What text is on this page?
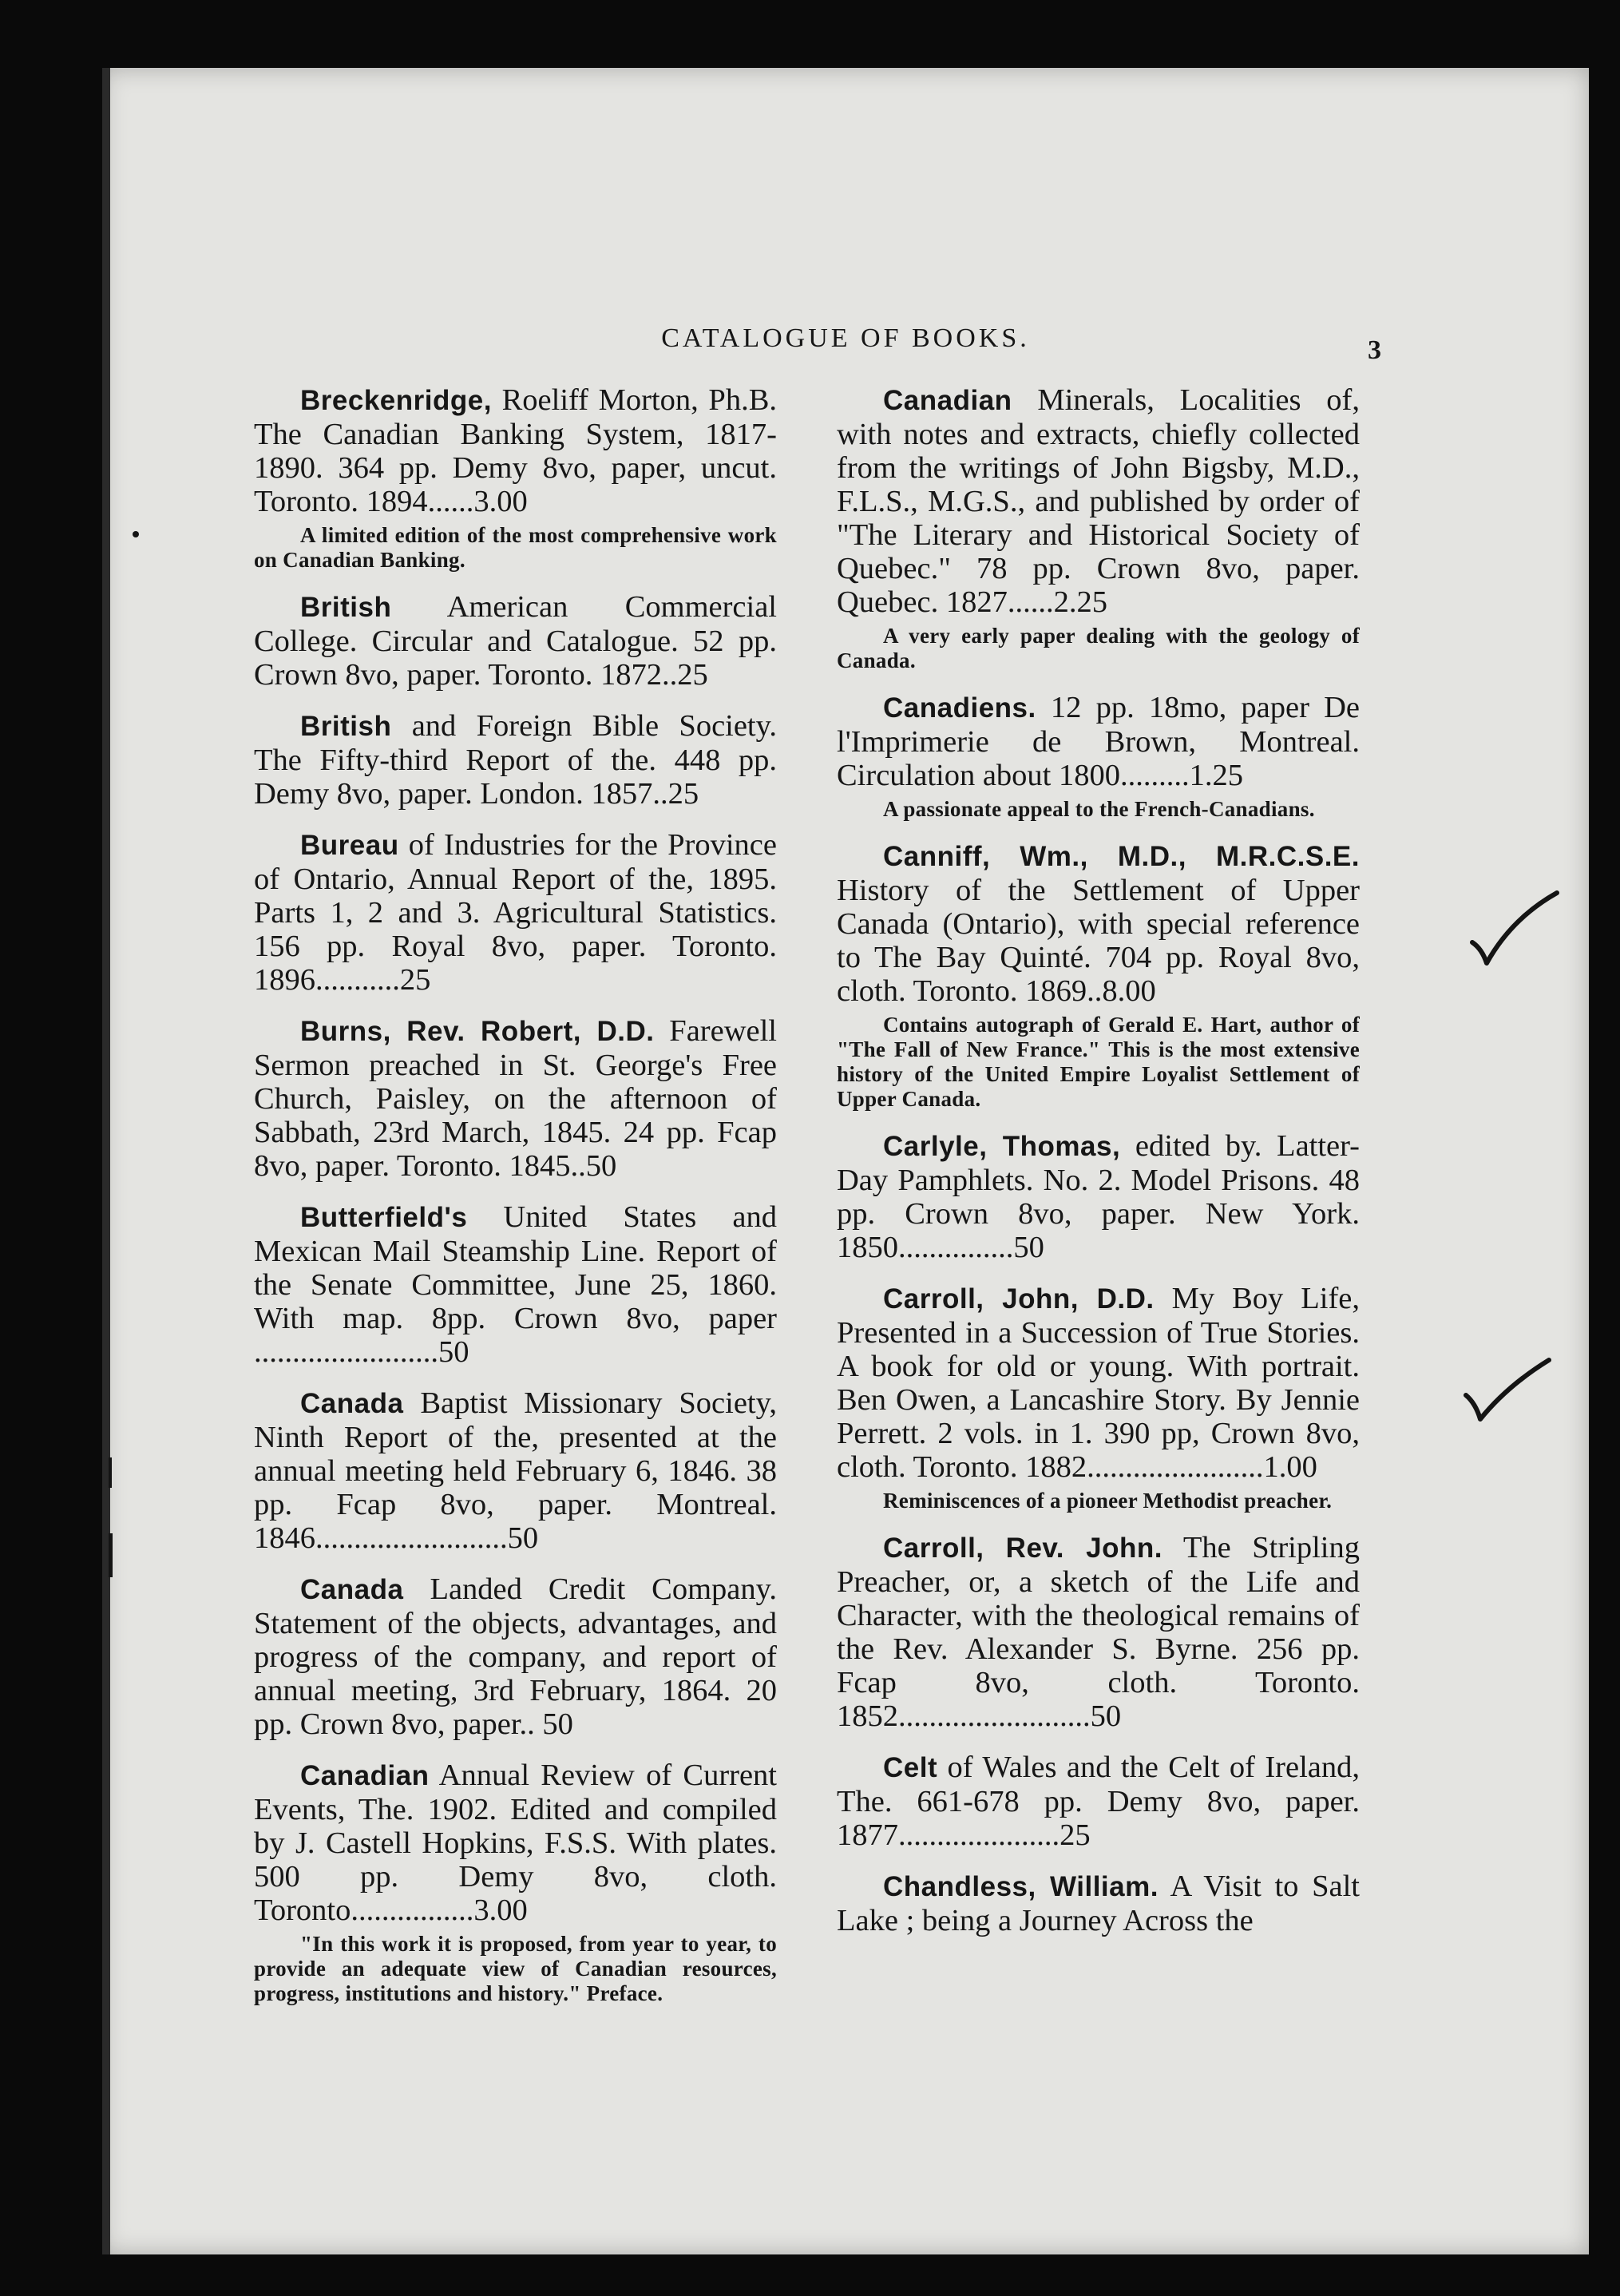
CATALOGUE OF BOOKS.	3
Breckenridge, Roeliff Morton, Ph.B. The Canadian Banking System, 1817-1890. 364 pp. Demy 8vo, paper, uncut. Toronto. 1894......3.00
A limited edition of the most comprehensive work on Canadian Banking.
British American Commercial College. Circular and Catalogue. 52 pp. Crown 8vo, paper. Toronto. 1872..25
British and Foreign Bible Society. The Fifty-third Report of the. 448 pp. Demy 8vo, paper. London. 1857..25
Bureau of Industries for the Province of Ontario, Annual Report of the, 1895. Parts 1, 2 and 3. Agricultural Statistics. 156 pp. Royal 8vo, paper. Toronto. 1896...........25
Burns, Rev. Robert, D.D. Farewell Sermon preached in St. George's Free Church, Paisley, on the afternoon of Sabbath, 23rd March, 1845. 24 pp. Fcap 8vo, paper. Toronto. 1845..50
Butterfield's United States and Mexican Mail Steamship Line. Report of the Senate Committee, June 25, 1860. With map. 8pp. Crown 8vo, paper ........................50
Canada Baptist Missionary Society, Ninth Report of the, presented at the annual meeting held February 6, 1846. 38 pp. Fcap 8vo, paper. Montreal. 1846.........................50
Canada Landed Credit Company. Statement of the objects, advantages, and progress of the company, and report of annual meeting, 3rd February, 1864. 20 pp. Crown 8vo, paper.. 50
Canadian Annual Review of Current Events, The. 1902. Edited and compiled by J. Castell Hopkins, F.S.S. With plates. 500 pp. Demy 8vo, cloth. Toronto................3.00
"In this work it is proposed, from year to year, to provide an adequate view of Canadian resources, progress, institutions and history." Preface.
Canadian Minerals, Localities of, with notes and extracts, chiefly collected from the writings of John Bigsby, M.D., F.L.S., M.G.S., and published by order of "The Literary and Historical Society of Quebec." 78 pp. Crown 8vo, paper. Quebec. 1827......2.25
A very early paper dealing with the geology of Canada.
Canadiens. 12 pp. 18mo, paper De l'Imprimerie de Brown, Montreal. Circulation about 1800.........1.25
A passionate appeal to the French-Canadians.
Canniff, Wm., M.D., M.R.C.S.E. History of the Settlement of Upper Canada (Ontario), with special reference to The Bay Quinté. 704 pp. Royal 8vo, cloth. Toronto. 1869..8.00
Contains autograph of Gerald E. Hart, author of "The Fall of New France." This is the most extensive history of the United Empire Loyalist Settlement of Upper Canada.
Carlyle, Thomas, edited by. Latter-Day Pamphlets. No. 2. Model Prisons. 48 pp. Crown 8vo, paper. New York. 1850...............50
Carroll, John, D.D. My Boy Life, Presented in a Succession of True Stories. A book for old or young. With portrait. Ben Owen, a Lancashire Story. By Jennie Perrett. 2 vols. in 1. 390 pp, Crown 8vo, cloth. Toronto. 1882.......................1.00
Reminiscences of a pioneer Methodist preacher.
Carroll, Rev. John. The Stripling Preacher, or, a sketch of the Life and Character, with the theological remains of the Rev. Alexander S. Byrne. 256 pp. Fcap 8vo, cloth. Toronto. 1852.........................50
Celt of Wales and the Celt of Ireland, The. 661-678 pp. Demy 8vo, paper. 1877.....................25
Chandless, William. A Visit to Salt Lake ; being a Journey Across the
